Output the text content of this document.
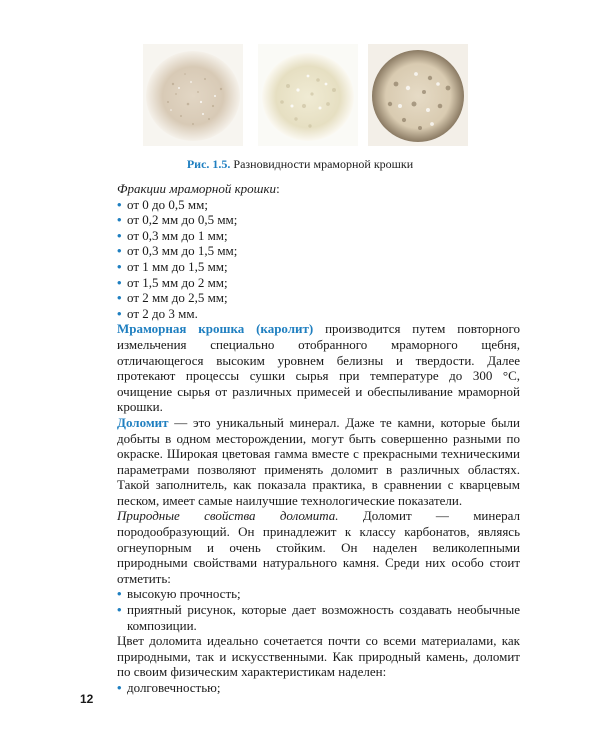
Рис. 1.5. Разновидности мраморной крошки

Фракции мраморной крошки:

• от 0 до 0,5 мм;
• от 0,2 мм до 0,5 мм;
• от 0,3 мм до 1 мм;
• от 0,3 мм до 1,5 мм;
• от 1 мм до 1,5 мм;
• от 1,5 мм до 2 мм;
• от 2 мм до 2,5 мм;
• от 2 до 3 мм.

Мраморная крошка (каролит) производится путем повторного измельчения специально отобранного мраморного щебня, отличающегося высоким уровнем белизны и твердости. Далее протекают процессы сушки сырья при температуре до 300 °С, очищение сырья от различных примесей и обеспыливание мраморной крошки.

Доломит — это уникальный минерал. Даже те камни, которые были добыты в одном месторождении, могут быть совершенно разными по окраске. Широкая цветовая гамма вместе с прекрасными техническими параметрами позволяют применять доломит в различных областях. Такой заполнитель, как показала практика, в сравнении с кварцевым песком, имеет самые наилучшие технологические показатели.

Природные свойства доломита. Доломит — минерал породообразующий. Он принадлежит к классу карбонатов, являясь огнеупорным и очень стойким. Он наделен великолепными природными свойствами натурального камня. Среди них особо стоит отметить:

• высокую прочность;
• приятный рисунок, которые дает возможность создавать необычные композиции.

Цвет доломита идеально сочетается почти со всеми материалами, как природными, так и искусственными. Как природный камень, доломит по своим физическим характеристикам наделен:

• долговечностью;
12
